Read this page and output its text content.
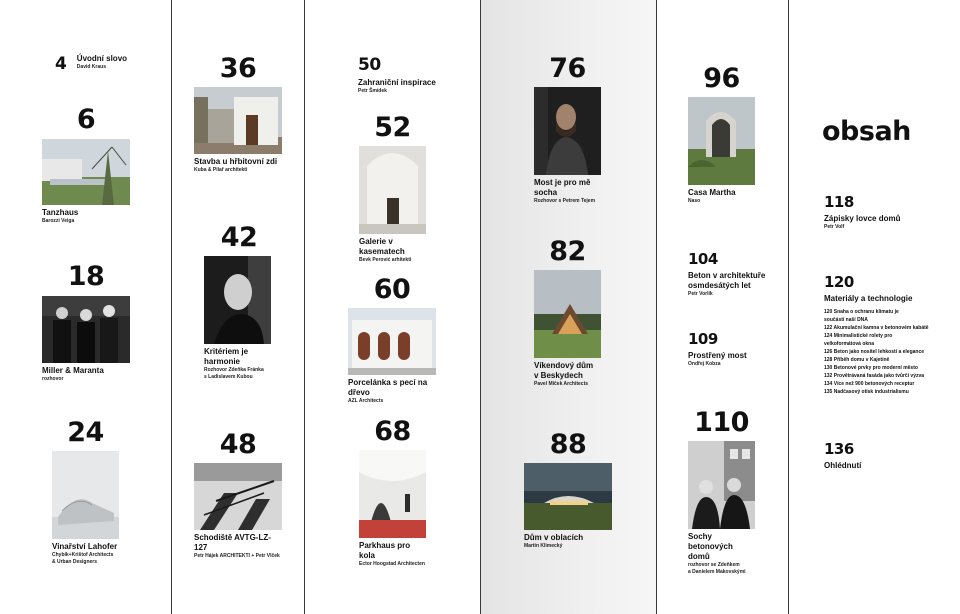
4 Úvodní slovo
David Kraus
6
Tanzhaus
Barozzi Veiga
18
Miller & Maranta
rozhovor
24
Vinařství Lahofer
Chybík+Krištof Architects
& Urban Designers
36
Stavba u hřbitovní zdi
Kuba & Pilař architekti
42
Kritériem je
harmonie
Rozhovor Zdeňka Fránka
s Ladislavem Kubou
48
Schodiště AVTG-LZ-127
Petr Hájek ARCHITEKTI + Petr Vlček
50
Zahraniční inspirace
Petr Šmídek
52
Galerie v kasematech
Bevk Perović arhitekti
60
Porcelánka s pecí na dřevo
AZL Architects
68
Parkhaus pro kola
Ector Hoogstad Architecten
76
Most je pro mě socha
Rozhovor s Petrem Tejem
82
Víkendový dům
v Beskydech
Pavel Míček Architects
88
Dům v oblacích
Martin Klimecký
96
Casa Martha
Naso
104
Beton v architektuře
osmdesátých let
Petr Vorlík
109
Prostřený most
Ondřej Kobza
110
Sochy betonových
domů
rozhovor se Zdeňkem
a Danielem Makovskými
obsah
118
Zápisky lovce domů
Petr Volf
120
Materiály a technologie
120 Snaha o ochranu klimatu je
součástí naší DNA
122 Akumulační kamna v betonovém kabátě
124 Minimalistické rolety pro
velkoformátová okna
126 Beton jako nositel lehkosti a elegance
128 Příběh domu v Kajetíně
130 Betonové prvky pro moderní město
132 Provětrávaná fasáda jako tvůrčí výzva
134 Více než 900 betonových receptur
135 Nadčasový otisk industrialismu
136
Ohlédnutí
